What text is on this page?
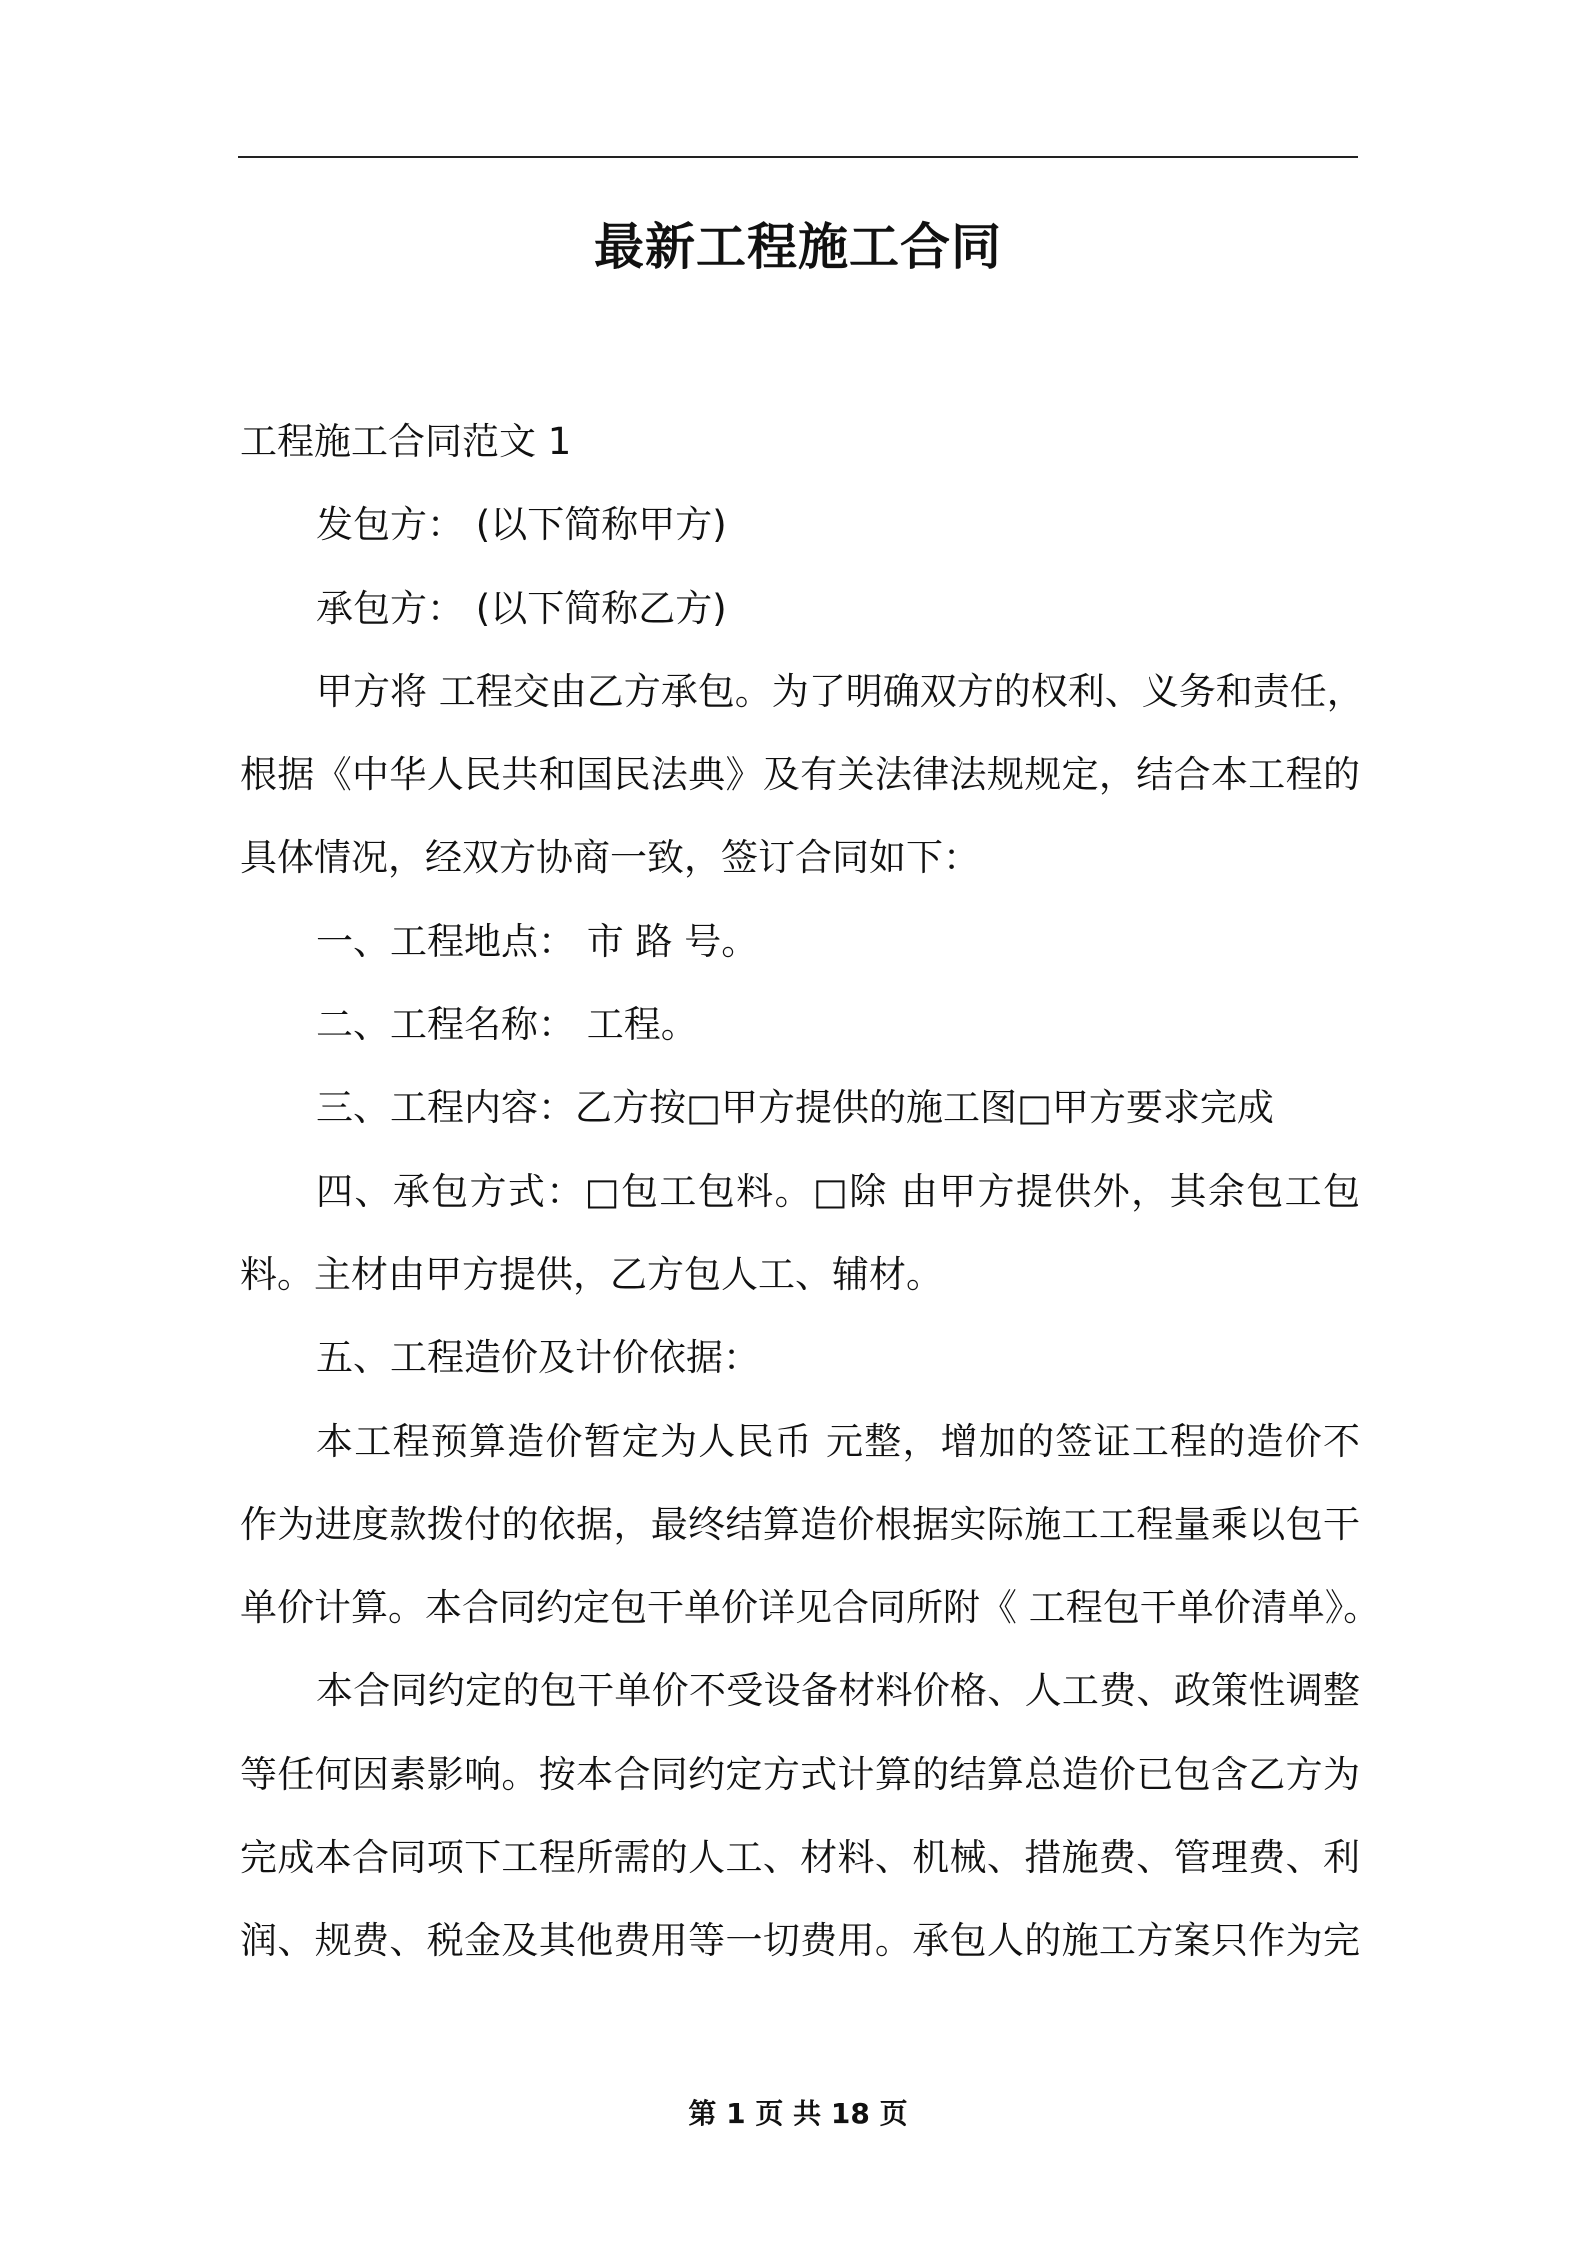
最新工程施工合同
工程施工合同范文 1
发包方： (以下简称甲方)
承包方： (以下简称乙方)
甲方将 工程交由乙方承包。为了明确双方的权利、义务和责任，
根据《中华人民共和国民法典》及有关法律法规规定，结合本工程的
具体情况，经双方协商一致，签订合同如下：
一、工程地点： 市 路 号。
二、工程名称： 工程。
三、工程内容：乙方按□甲方提供的施工图□甲方要求完成
四、承包方式：□包工包料。□除 由甲方提供外，其余包工包
料。主材由甲方提供，乙方包人工、辅材。
五、工程造价及计价依据：
本工程预算造价暂定为人民币 元整，增加的签证工程的造价不
作为进度款拨付的依据，最终结算造价根据实际施工工程量乘以包干
单价计算。本合同约定包干单价详见合同所附《 工程包干单价清单》。
本合同约定的包干单价不受设备材料价格、人工费、政策性调整
等任何因素影响。按本合同约定方式计算的结算总造价已包含乙方为
完成本合同项下工程所需的人工、材料、机械、措施费、管理费、利
润、规费、税金及其他费用等一切费用。承包人的施工方案只作为完
第 1 页 共 18 页
